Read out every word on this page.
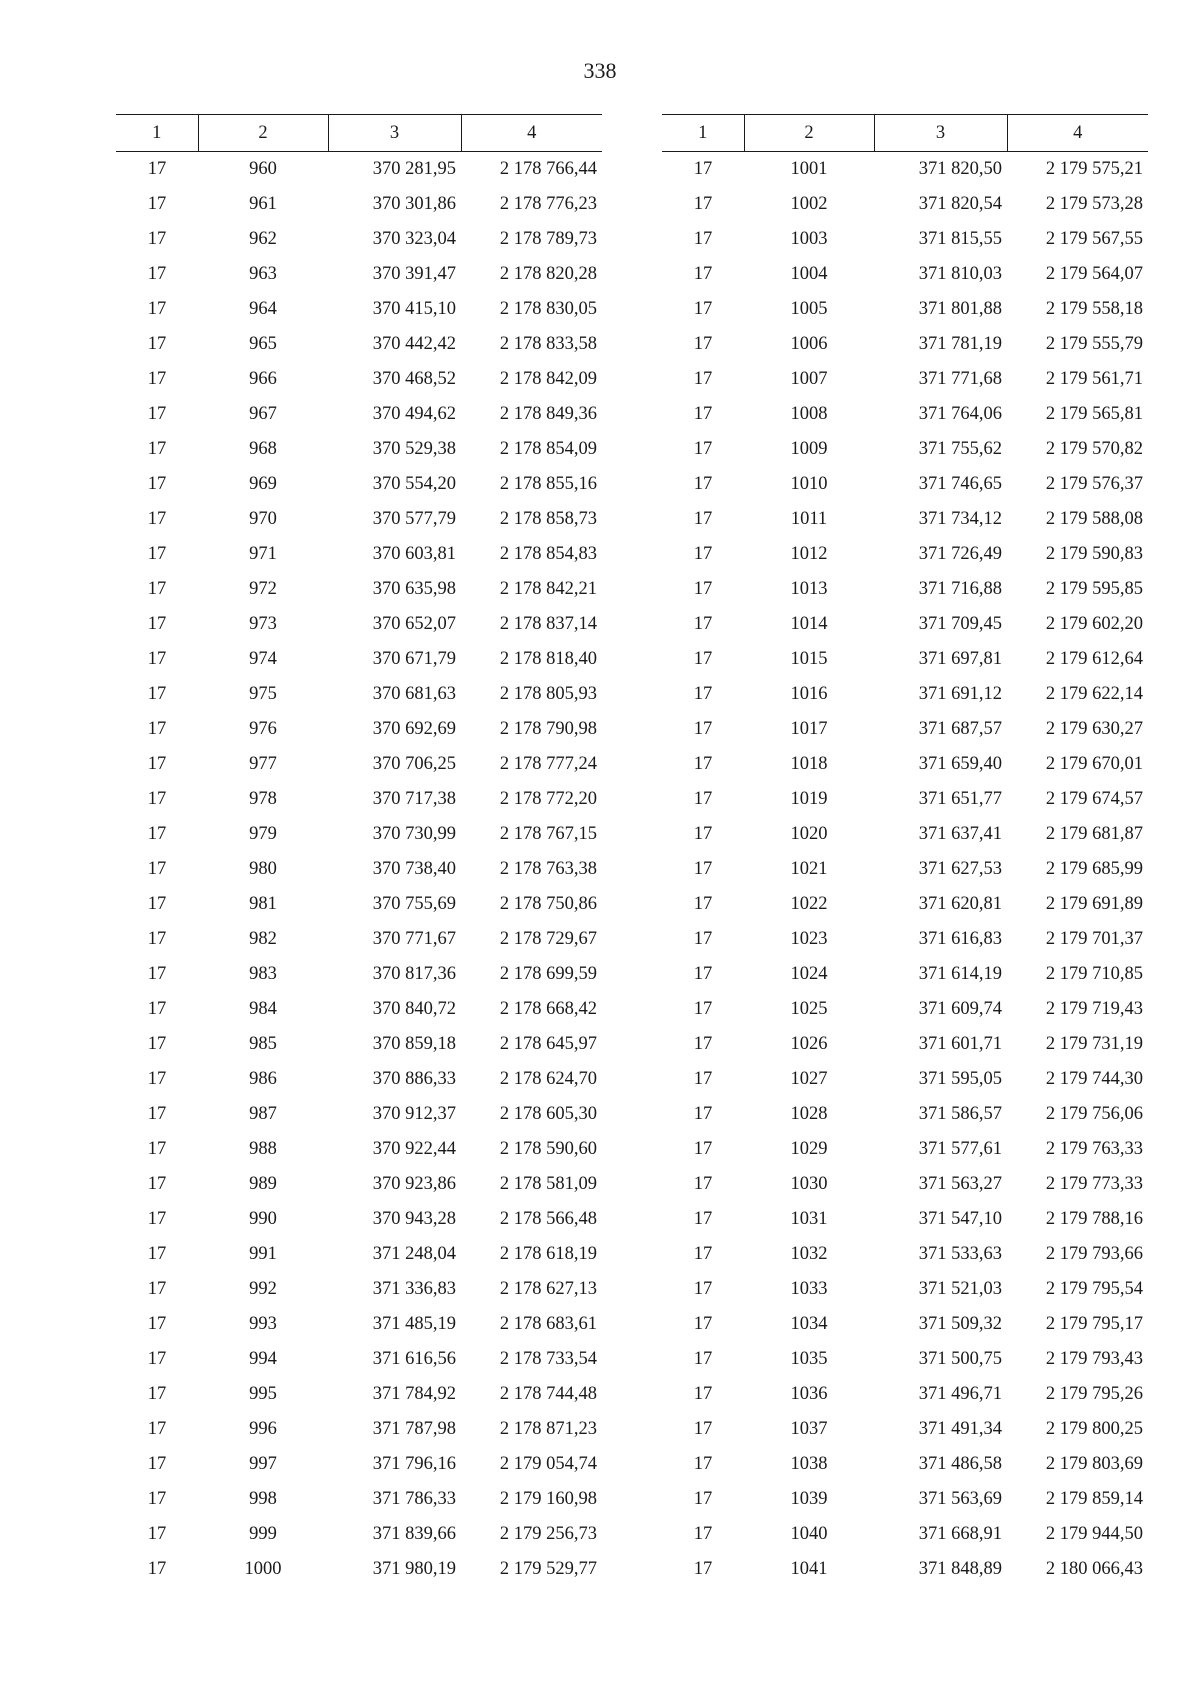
338
1	2	3	4
17	960	370 281,95	2 178 766,44
17	961	370 301,86	2 178 776,23
17	962	370 323,04	2 178 789,73
17	963	370 391,47	2 178 820,28
17	964	370 415,10	2 178 830,05
17	965	370 442,42	2 178 833,58
17	966	370 468,52	2 178 842,09
17	967	370 494,62	2 178 849,36
17	968	370 529,38	2 178 854,09
17	969	370 554,20	2 178 855,16
17	970	370 577,79	2 178 858,73
17	971	370 603,81	2 178 854,83
17	972	370 635,98	2 178 842,21
17	973	370 652,07	2 178 837,14
17	974	370 671,79	2 178 818,40
17	975	370 681,63	2 178 805,93
17	976	370 692,69	2 178 790,98
17	977	370 706,25	2 178 777,24
17	978	370 717,38	2 178 772,20
17	979	370 730,99	2 178 767,15
17	980	370 738,40	2 178 763,38
17	981	370 755,69	2 178 750,86
17	982	370 771,67	2 178 729,67
17	983	370 817,36	2 178 699,59
17	984	370 840,72	2 178 668,42
17	985	370 859,18	2 178 645,97
17	986	370 886,33	2 178 624,70
17	987	370 912,37	2 178 605,30
17	988	370 922,44	2 178 590,60
17	989	370 923,86	2 178 581,09
17	990	370 943,28	2 178 566,48
17	991	371 248,04	2 178 618,19
17	992	371 336,83	2 178 627,13
17	993	371 485,19	2 178 683,61
17	994	371 616,56	2 178 733,54
17	995	371 784,92	2 178 744,48
17	996	371 787,98	2 178 871,23
17	997	371 796,16	2 179 054,74
17	998	371 786,33	2 179 160,98
17	999	371 839,66	2 179 256,73
17	1000	371 980,19	2 179 529,77
1	2	3	4
17	1001	371 820,50	2 179 575,21
17	1002	371 820,54	2 179 573,28
17	1003	371 815,55	2 179 567,55
17	1004	371 810,03	2 179 564,07
17	1005	371 801,88	2 179 558,18
17	1006	371 781,19	2 179 555,79
17	1007	371 771,68	2 179 561,71
17	1008	371 764,06	2 179 565,81
17	1009	371 755,62	2 179 570,82
17	1010	371 746,65	2 179 576,37
17	1011	371 734,12	2 179 588,08
17	1012	371 726,49	2 179 590,83
17	1013	371 716,88	2 179 595,85
17	1014	371 709,45	2 179 602,20
17	1015	371 697,81	2 179 612,64
17	1016	371 691,12	2 179 622,14
17	1017	371 687,57	2 179 630,27
17	1018	371 659,40	2 179 670,01
17	1019	371 651,77	2 179 674,57
17	1020	371 637,41	2 179 681,87
17	1021	371 627,53	2 179 685,99
17	1022	371 620,81	2 179 691,89
17	1023	371 616,83	2 179 701,37
17	1024	371 614,19	2 179 710,85
17	1025	371 609,74	2 179 719,43
17	1026	371 601,71	2 179 731,19
17	1027	371 595,05	2 179 744,30
17	1028	371 586,57	2 179 756,06
17	1029	371 577,61	2 179 763,33
17	1030	371 563,27	2 179 773,33
17	1031	371 547,10	2 179 788,16
17	1032	371 533,63	2 179 793,66
17	1033	371 521,03	2 179 795,54
17	1034	371 509,32	2 179 795,17
17	1035	371 500,75	2 179 793,43
17	1036	371 496,71	2 179 795,26
17	1037	371 491,34	2 179 800,25
17	1038	371 486,58	2 179 803,69
17	1039	371 563,69	2 179 859,14
17	1040	371 668,91	2 179 944,50
17	1041	371 848,89	2 180 066,43
